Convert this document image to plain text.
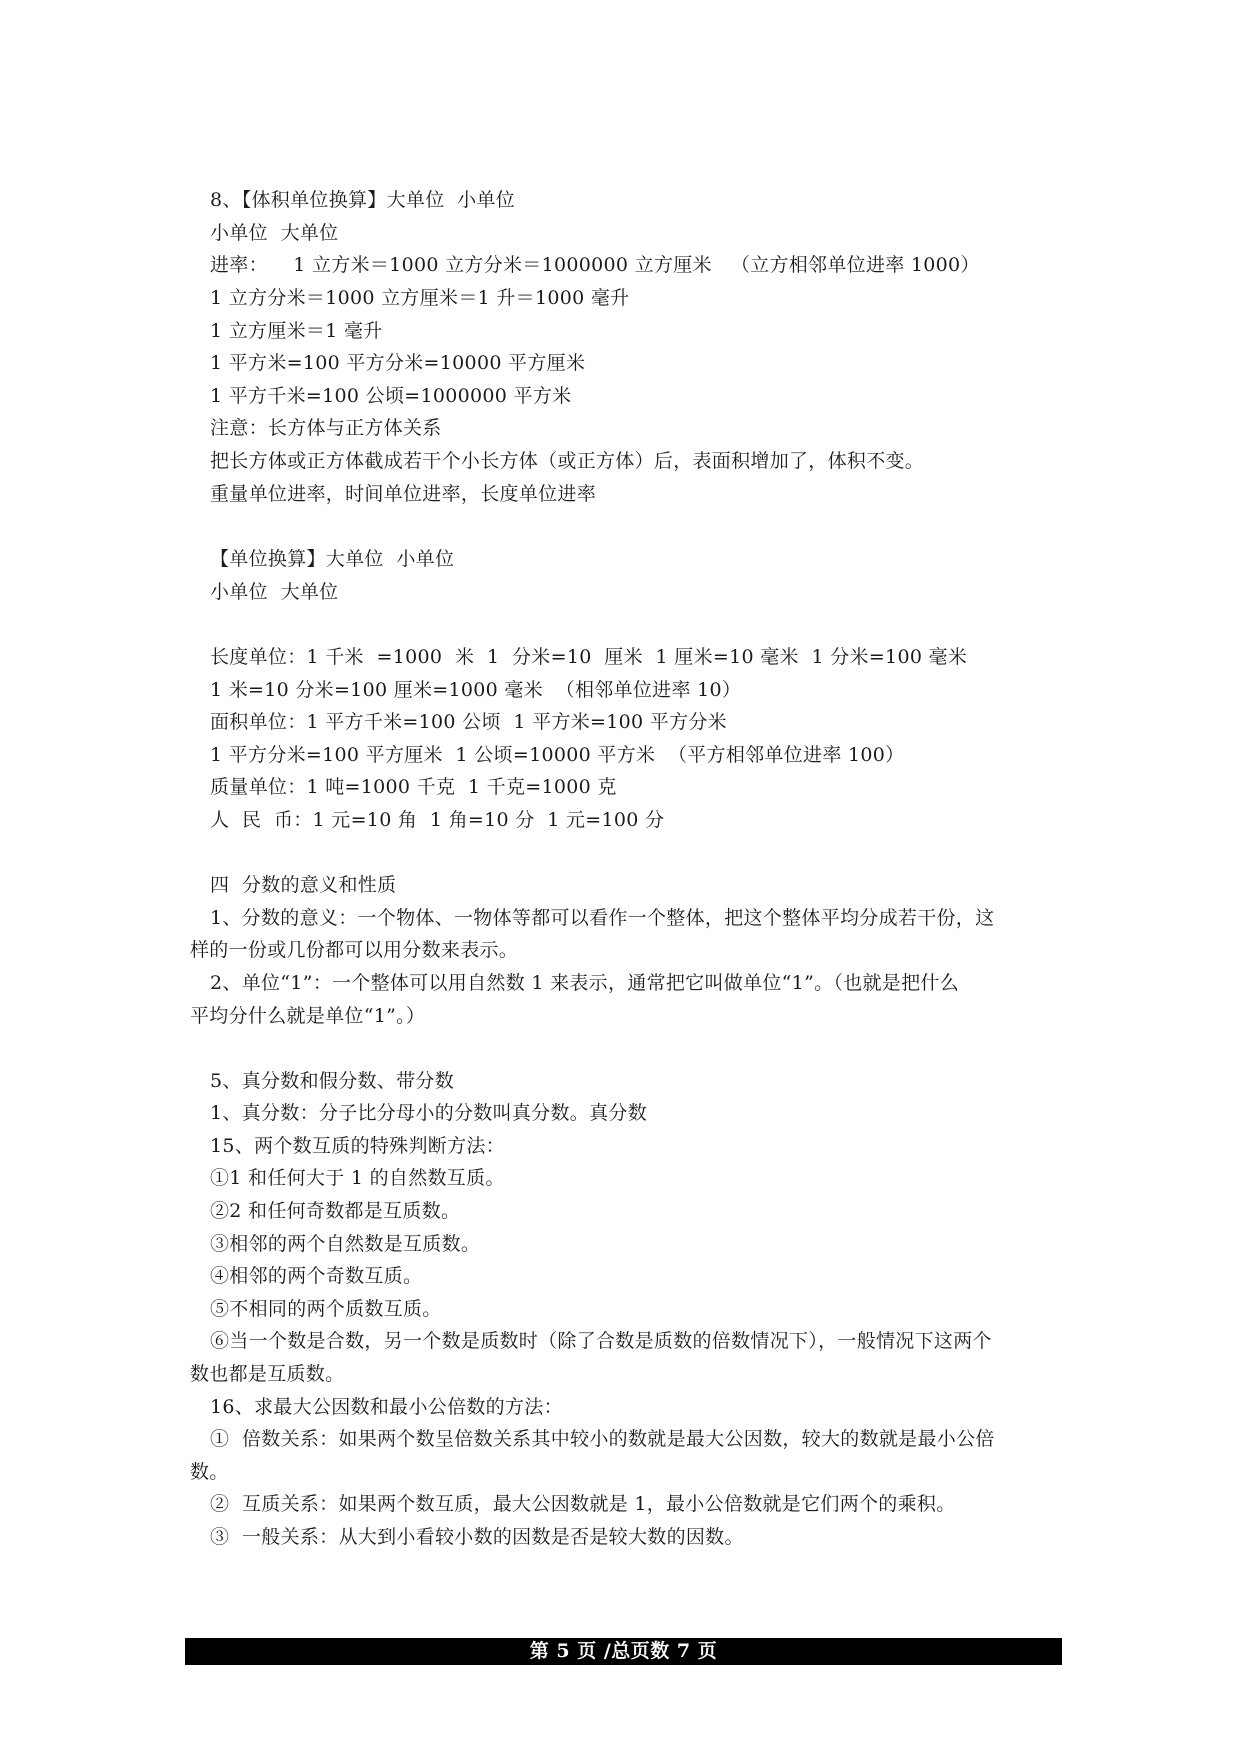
8、【体积单位换算】大单位  小单位
小单位  大单位
进率：    1 立方米＝1000 立方分米＝1000000 立方厘米   （立方相邻单位进率 1000）
1 立方分米＝1000 立方厘米＝1 升＝1000 毫升
1 立方厘米＝1 毫升
1 平方米=100 平方分米=10000 平方厘米
1 平方千米=100 公顷=1000000 平方米
注意：长方体与正方体关系
把长方体或正方体截成若干个小长方体（或正方体）后，表面积增加了，体积不变。
重量单位进率，时间单位进率，长度单位进率
【单位换算】大单位  小单位
小单位  大单位
长度单位：1 千米  =1000  米  1  分米=10  厘米  1 厘米=10 毫米  1 分米=100 毫米
1 米=10 分米=100 厘米=1000 毫米  （相邻单位进率 10）
面积单位：1 平方千米=100 公顷  1 平方米=100 平方分米
1 平方分米=100 平方厘米  1 公顷=10000 平方米  （平方相邻单位进率 100）
质量单位：1 吨=1000 千克  1 千克=1000 克
人  民  币：1 元=10 角  1 角=10 分  1 元=100 分
四  分数的意义和性质
1、分数的意义：一个物体、一物体等都可以看作一个整体，把这个整体平均分成若干份，这
样的一份或几份都可以用分数来表示。
2、单位“1”：一个整体可以用自然数 1 来表示，通常把它叫做单位“1”。（也就是把什么
平均分什么就是单位“1”。）
5、真分数和假分数、带分数
1、真分数：分子比分母小的分数叫真分数。真分数
15、两个数互质的特殊判断方法：
①1 和任何大于 1 的自然数互质。
②2 和任何奇数都是互质数。
③相邻的两个自然数是互质数。
④相邻的两个奇数互质。
⑤不相同的两个质数互质。
⑥当一个数是合数，另一个数是质数时（除了合数是质数的倍数情况下），一般情况下这两个
数也都是互质数。
16、求最大公因数和最小公倍数的方法：
①  倍数关系：如果两个数呈倍数关系其中较小的数就是最大公因数，较大的数就是最小公倍
数。
②  互质关系：如果两个数互质，最大公因数就是 1，最小公倍数就是它们两个的乘积。
③  一般关系：从大到小看较小数的因数是否是较大数的因数。
第 5 页 /总页数 7 页
